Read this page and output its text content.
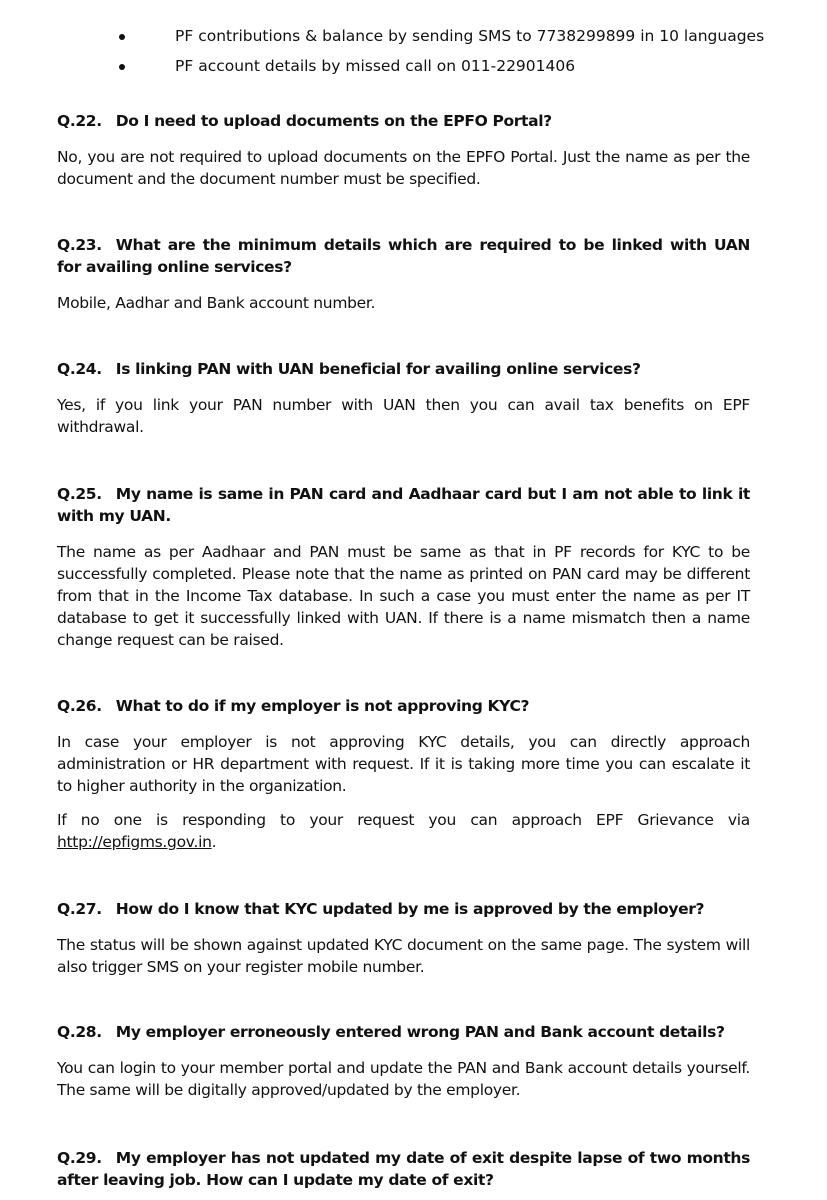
PF contributions & balance by sending SMS to 7738299899 in 10 languages
PF account details by missed call on 011-22901406
Q.22. Do I need to upload documents on the EPFO Portal?

No, you are not required to upload documents on the EPFO Portal. Just the name as per the document and the document number must be specified.

Q.23. What are the minimum details which are required to be linked with UAN for availing online services?

Mobile, Aadhar and Bank account number.

Q.24. Is linking PAN with UAN beneficial for availing online services?

Yes, if you link your PAN number with UAN then you can avail tax benefits on EPF withdrawal.

Q.25. My name is same in PAN card and Aadhaar card but I am not able to link it with my UAN.

The name as per Aadhaar and PAN must be same as that in PF records for KYC to be successfully completed. Please note that the name as printed on PAN card may be different from that in the Income Tax database. In such a case you must enter the name as per IT database to get it successfully linked with UAN. If there is a name mismatch then a name change request can be raised.

Q.26. What to do if my employer is not approving KYC?

In case your employer is not approving KYC details, you can directly approach administration or HR department with request. If it is taking more time you can escalate it to higher authority in the organization.

If no one is responding to your request you can approach EPF Grievance via http://epfigms.gov.in.

Q.27. How do I know that KYC updated by me is approved by the employer?

The status will be shown against updated KYC document on the same page. The system will also trigger SMS on your register mobile number.

Q.28. My employer erroneously entered wrong PAN and Bank account details?

You can login to your member portal and update the PAN and Bank account details yourself. The same will be digitally approved/updated by the employer.

Q.29. My employer has not updated my date of exit despite lapse of two months after leaving job. How can I update my date of exit?
